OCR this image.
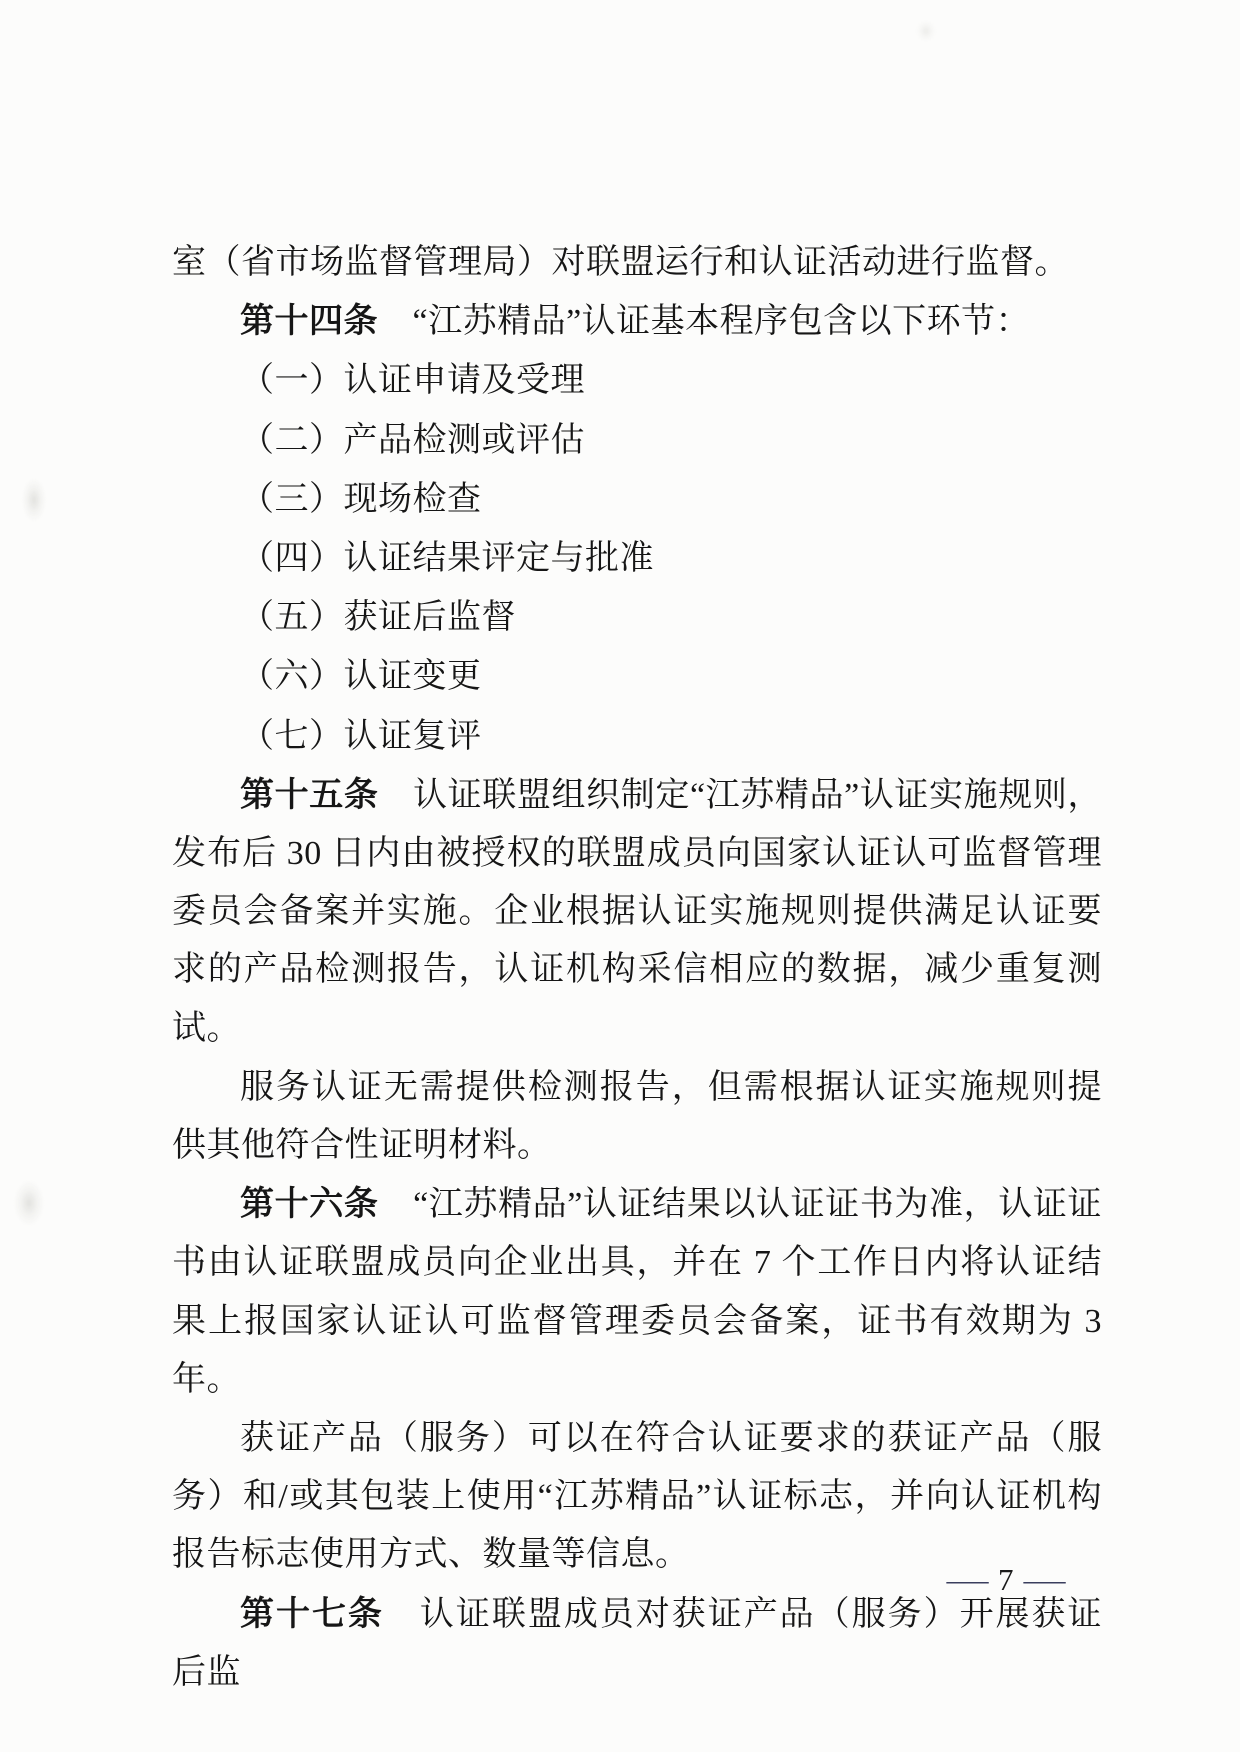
室（省市场监督管理局）对联盟运行和认证活动进行监督。

第十四条　“江苏精品”认证基本程序包含以下环节：

（一）认证申请及受理

（二）产品检测或评估

（三）现场检查

（四）认证结果评定与批准

（五）获证后监督

（六）认证变更

（七）认证复评

第十五条　认证联盟组织制定“江苏精品”认证实施规则，发布后 30 日内由被授权的联盟成员向国家认证认可监督管理委员会备案并实施。企业根据认证实施规则提供满足认证要求的产品检测报告，认证机构采信相应的数据，减少重复测试。

服务认证无需提供检测报告，但需根据认证实施规则提供其他符合性证明材料。

第十六条　“江苏精品”认证结果以认证证书为准，认证证书由认证联盟成员向企业出具，并在 7 个工作日内将认证结果上报国家认证认可监督管理委员会备案，证书有效期为 3 年。

获证产品（服务）可以在符合认证要求的获证产品（服务）和/或其包装上使用“江苏精品”认证标志，并向认证机构报告标志使用方式、数量等信息。

第十七条　认证联盟成员对获证产品（服务）开展获证后监

— 7 —
